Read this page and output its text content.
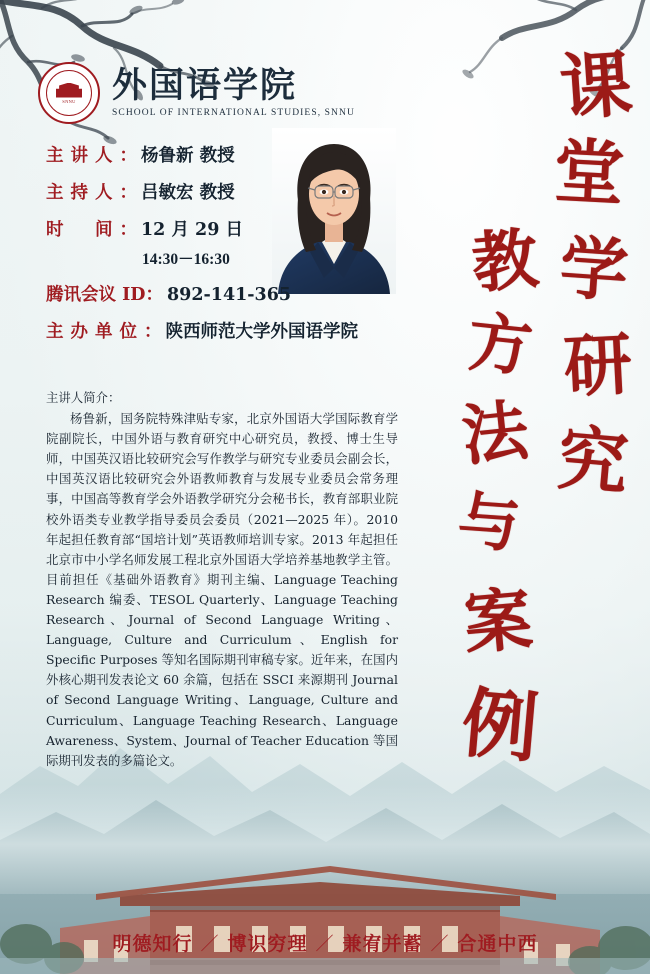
SNNU 外国语学院
SCHOOL OF INTERNATIONAL STUDIES, SNNU
主讲人 ： 杨鲁新 教授
主持人 ： 吕敏宏 教授
时　间 ： 12 月 29 日
14:30－16:30
腾讯会议 ID ： 892-141-365
主办单位 ： 陕西师范大学外国语学院
主讲人简介：
杨鲁新，国务院特殊津贴专家，北京外国语大学国际教育学院副院长，中国外语与教育研究中心研究员，教授、博士生导师，中国英汉语比较研究会写作教学与研究专业委员会副会长，中国英汉语比较研究会外语教师教育与发展专业委员会常务理事，中国高等教育学会外语教学研究分会秘书长，教育部职业院校外语类专业教学指导委员会委员（2021—2025 年）。2010 年起担任教育部“国培计划”英语教师培训专家。2013 年起担任北京市中小学名师发展工程北京外国语大学培养基地教学主管。目前担任《基础外语教育》期刊主编、Language Teaching Research 编委、TESOL Quarterly、Language Teaching Research、Journal of Second Language Writing、Language, Culture and Curriculum、English for Specific Purposes 等知名国际期刊审稿专家。近年来，在国内外核心期刊发表论文 60 余篇，包括在 SSCI 来源期刊 Journal of Second Language Writing、Language, Culture and Curriculum、Language Teaching Research、Language Awareness、System、Journal of Teacher Education 等国际期刊发表的多篇论文。
课
堂
教 学
研
究
方
法
与
案
例
明德知行 ／ 博识穷理 ／ 兼宥并蓄 ／ 合通中西
